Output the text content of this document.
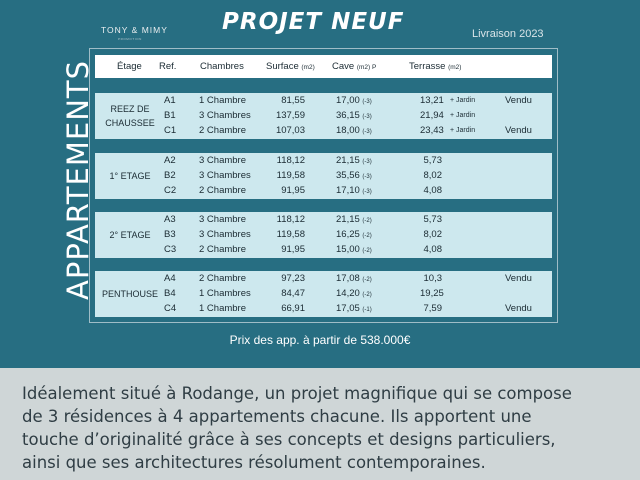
TONY & MIMY
PROMOTION
PROJET NEUF	Livraison 2023
APPARTEMENTS	Étage Ref. Chambres Surface (m2) Cave (m2) P	Terrasse (m2)
REEZ DE
CHAUSSEE
A1 1 Chambre	81,55	17,00 (-3)	13,21 + Jardin	Vendu
B1 3 Chambres	137,59	36,15 (-3)	21,94 + Jardin
C1 2 Chambre	107,03	18,00 (-3)	23,43 + Jardin	Vendu
1° ETAGE
A2 3 Chambre	118,12	21,15 (-3)	5,73
B2 3 Chambres	119,58	35,56 (-3)	8,02
C2 2 Chambre	91,95	17,10 (-3)	4,08
2° ETAGE
A3 3 Chambre	118,12	21,15 (-2)	5,73
B3 3 Chambres	119,58	16,25 (-2)	8,02
C3 2 Chambre	91,95	15,00 (-2)	4,08
PENTHOUSE
A4 2 Chambre	97,23	17,08 (-2)	10,3	Vendu
B4 1 Chambres	84,47	14,20 (-2)	19,25
C4 1 Chambre	66,91	17,05 (-1)	7,59	Vendu
Prix des app. à partir de 538.000€

Idéalement situé à Rodange, un projet magnifique qui se compose

de 3 résidences à 4 appartements chacune. Ils apportent une

touche d’originalité grâce à ses concepts et designs particuliers,

ainsi que ses architectures résolument contemporaines.
